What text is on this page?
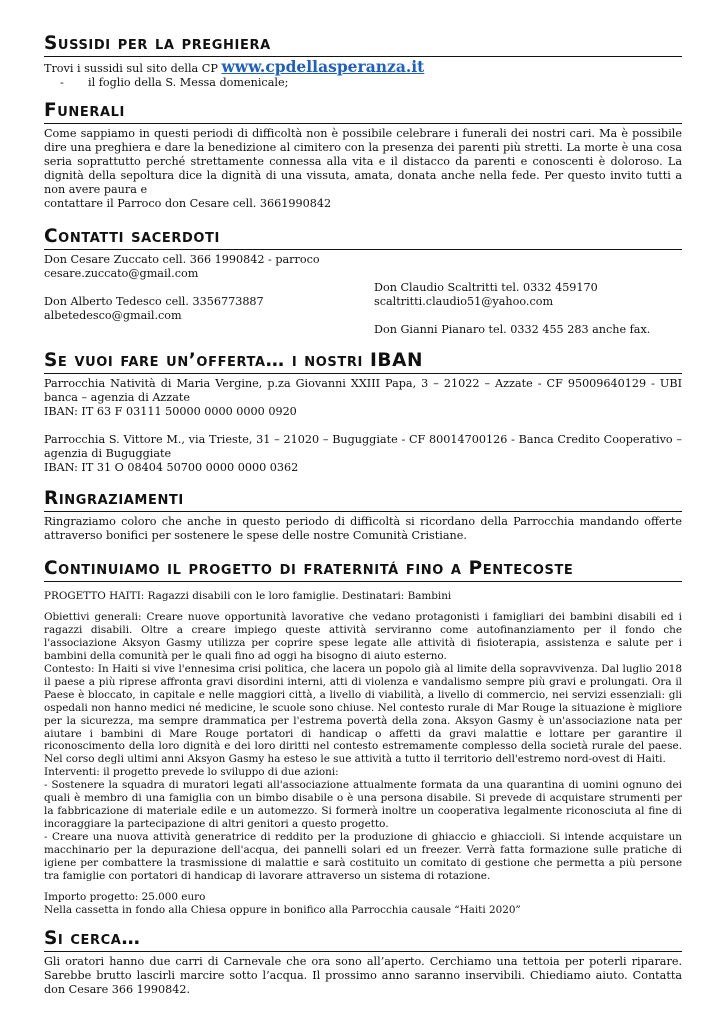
Sussidi per la preghiera
Trovi i sussidi sul sito della CP www.cpdellasperanza.it
- il foglio della S. Messa domenicale;
Funerali
Come sappiamo in questi periodi di difficoltà non è possibile celebrare i funerali dei nostri cari. Ma è possibile dire una preghiera e dare la benedizione al cimitero con la presenza dei parenti più stretti. La morte è una cosa seria soprattutto perché strettamente connessa alla vita e il distacco da parenti e conoscenti è doloroso. La dignità della sepoltura dice la dignità di una vissuta, amata, donata anche nella fede. Per questo invito tutti a non avere paura e
contattare il Parroco don Cesare cell. 3661990842
Contatti sacerdoti
Don Cesare Zuccato cell. 366 1990842 - parroco
cesare.zuccato@gmail.com
Don Alberto Tedesco cell. 3356773887
albetedesco@gmail.com
Don Claudio Scaltritti tel. 0332 459170
scaltritti.claudio51@yahoo.com
Don Gianni Pianaro tel. 0332 455 283 anche fax.
Se vuoi fare un’offerta… i nostri IBAN
Parrocchia Natività di Maria Vergine, p.za Giovanni XXIII Papa, 3 – 21022 – Azzate - CF 95009640129 - UBI banca – agenzia di Azzate
IBAN: IT 63 F 03111 50000 0000 0000 0920
Parrocchia S. Vittore M., via Trieste, 31 – 21020 – Buguggiate - CF 80014700126 - Banca Credito Cooperativo – agenzia di Buguggiate
IBAN: IT 31 O 08404 50700 0000 0000 0362
Ringraziamenti
Ringraziamo coloro che anche in questo periodo di difficoltà si ricordano della Parrocchia mandando offerte attraverso bonifici per sostenere le spese delle nostre Comunità Cristiane.
Continuiamo il progetto di fraternitá fino a Pentecoste
PROGETTO HAITI: Ragazzi disabili con le loro famiglie. Destinatari: Bambini
Obiettivi generali: Creare nuove opportunità lavorative che vedano protagonisti i famigliari dei bambini disabili ed i ragazzi disabili. Oltre a creare impiego queste attività serviranno come autofinanziamento per il fondo che l'associazione Aksyon Gasmy utilizza per coprire spese legate alle attività di fisioterapia, assistenza e salute per i bambini della comunità per le quali fino ad oggi ha bisogno di aiuto esterno.
Contesto: In Haiti si vive l'ennesima crisi politica, che lacera un popolo già al limite della sopravvivenza. Dal luglio 2018 il paese a più riprese affronta gravi disordini interni, atti di violenza e vandalismo sempre più gravi e prolungati. Ora il Paese è bloccato, in capitale e nelle maggiori città, a livello di viabilità, a livello di commercio, nei servizi essenziali: gli ospedali non hanno medici né medicine, le scuole sono chiuse. Nel contesto rurale di Mar Rouge la situazione è migliore per la sicurezza, ma sempre drammatica per l'estrema povertà della zona. Aksyon Gasmy è un'associazione nata per aiutare i bambini di Mare Rouge portatori di handicap o affetti da gravi malattie e lottare per garantire il riconoscimento della loro dignità e dei loro diritti nel contesto estremamente complesso della società rurale del paese. Nel corso degli ultimi anni Aksyon Gasmy ha esteso le sue attività a tutto il territorio dell'estremo nord-ovest di Haiti.
Interventi: il progetto prevede lo sviluppo di due azioni:
- Sostenere la squadra di muratori legati all'associazione attualmente formata da una quarantina di uomini ognuno dei quali è membro di una famiglia con un bimbo disabile o è una persona disabile. Si prevede di acquistare strumenti per la fabbricazione di materiale edile e un automezzo. Si formerà inoltre un cooperativa legalmente riconosciuta al fine di incoraggiare la partecipazione di altri genitori a questo progetto.
- Creare una nuova attività generatrice di reddito per la produzione di ghiaccio e ghiaccioli. Si intende acquistare un macchinario per la depurazione dell'acqua, dei pannelli solari ed un freezer. Verrà fatta formazione sulle pratiche di igiene per combattere la trasmissione di malattie e sarà costituito un comitato di gestione che permetta a più persone tra famiglie con portatori di handicap di lavorare attraverso un sistema di rotazione.
Importo progetto: 25.000 euro
Nella cassetta in fondo alla Chiesa oppure in bonifico alla Parrocchia causale “Haiti 2020”
Si cerca…
Gli oratori hanno due carri di Carnevale che ora sono all’aperto. Cerchiamo una tettoia per poterli riparare. Sarebbe brutto lascirli marcire sotto l’acqua. Il prossimo anno saranno inservibili. Chiediamo aiuto. Contatta don Cesare 366 1990842.
